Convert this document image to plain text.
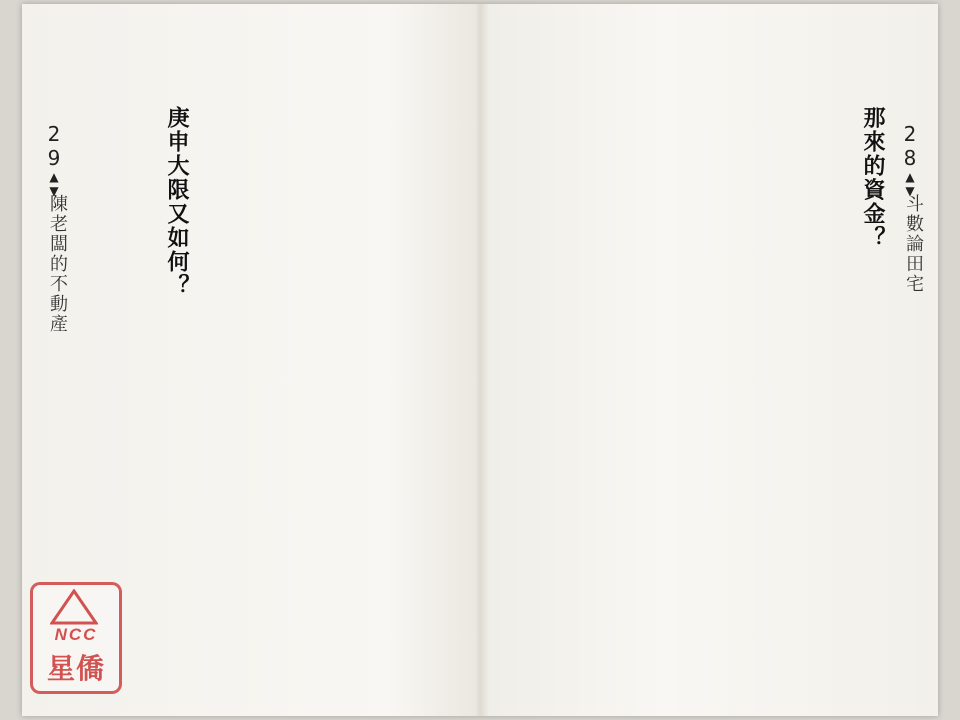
28▲▼
斗數論田宅
那來的資金？
29▲▼
陳老闆的不動產	庚申大限又如何？
NCC
星僑
